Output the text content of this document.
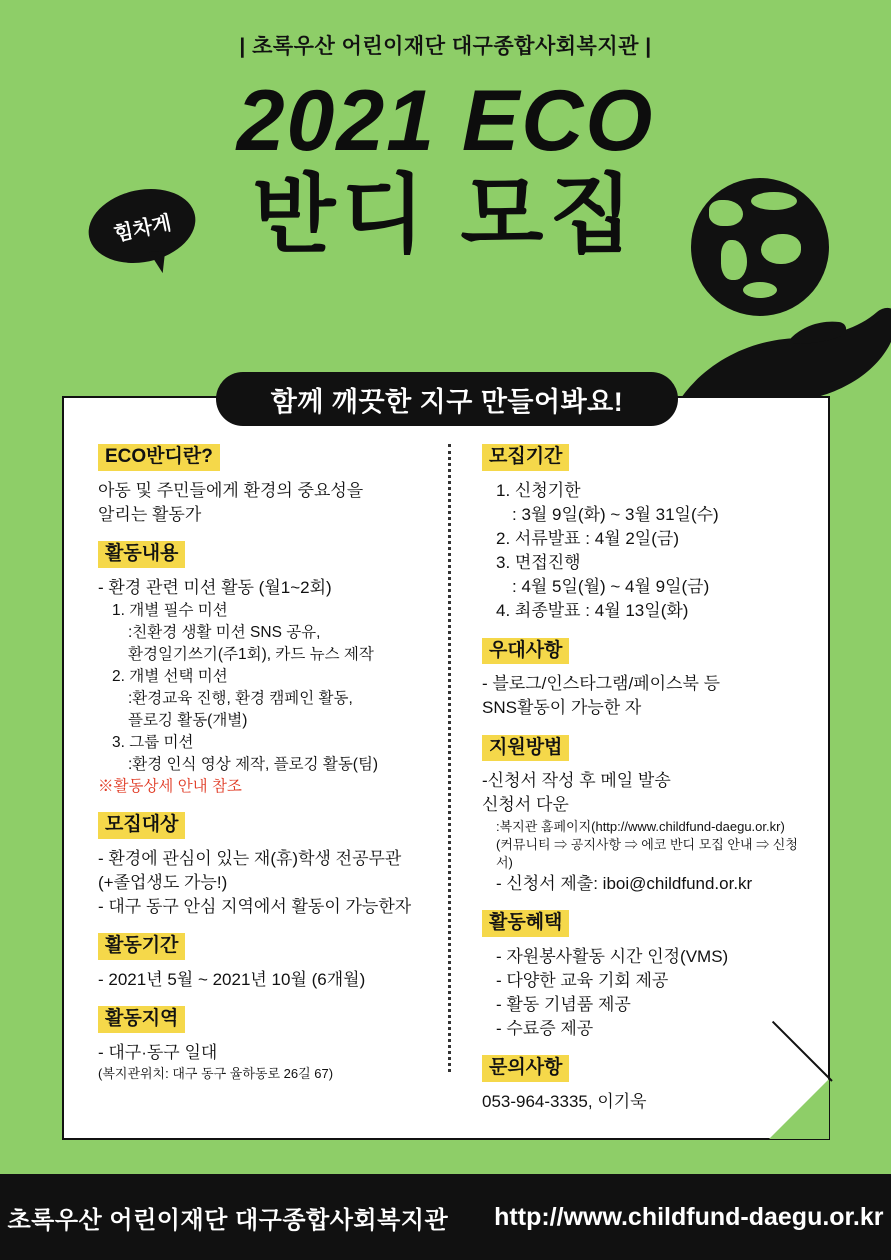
| 초록우산 어린이재단 대구종합사회복지관 |
2021 ECO
반디 모집
힘차게
함께 깨끗한 지구 만들어봐요!
ECO반디란?
아동 및 주민들에게 환경의 중요성을
알리는 활동가
활동내용
- 환경 관련 미션 활동 (월1~2회)
1. 개별 필수 미션
:친환경 생활 미션 SNS 공유,
환경일기쓰기(주1회), 카드 뉴스 제작
2. 개별 선택 미션
:환경교육 진행, 환경 캠페인 활동,
플로깅 활동(개별)
3. 그룹 미션
:환경 인식 영상 제작, 플로깅 활동(팀)
※활동상세 안내 참조
모집대상
- 환경에 관심이 있는 재(휴)학생 전공무관
(+졸업생도 가능!)
- 대구 동구 안심 지역에서 활동이 가능한자
활동기간
- 2021년 5월 ~ 2021년 10월 (6개월)
활동지역
- 대구·동구 일대
(복지관위치: 대구 동구 율하동로 26길 67)
모집기간
1. 신청기한
: 3월 9일(화) ~ 3월 31일(수)
2. 서류발표 : 4월 2일(금)
3. 면접진행
: 4월 5일(월) ~ 4월 9일(금)
4. 최종발표 : 4월 13일(화)
우대사항
- 블로그/인스타그램/페이스북 등
SNS활동이 가능한 자
지원방법
-신청서 작성 후 메일 발송
신청서 다운
:복지관 홈페이지(http://www.childfund-daegu.or.kr)
(커뮤니티 ⇒ 공지사항 ⇒ 에코 반디 모집 안내 ⇒ 신청서)
- 신청서 제출: iboi@childfund.or.kr
활동혜택
- 자원봉사활동 시간 인정(VMS)
- 다양한 교육 기회 제공
- 활동 기념품 제공
- 수료증 제공
문의사항
053-964-3335, 이기욱
초록우산 어린이재단 대구종합사회복지관 http://www.childfund-daegu.or.kr
